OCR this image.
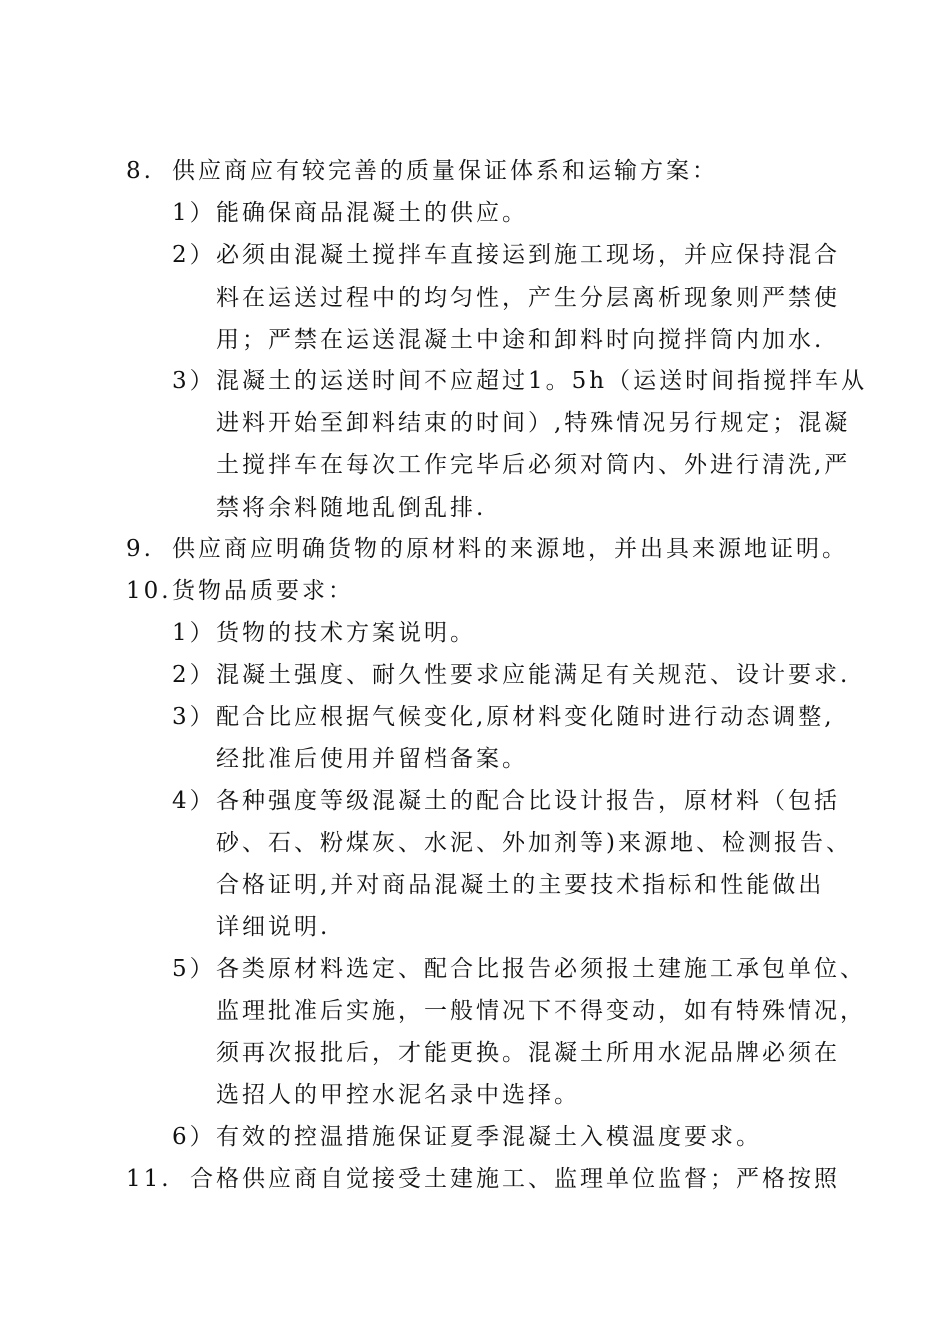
8. 供应商应有较完善的质量保证体系和运输方案：
1）能确保商品混凝土的供应。
2）必须由混凝土搅拌车直接运到施工现场，并应保持混合
料在运送过程中的均匀性，产生分层离析现象则严禁使
用；严禁在运送混凝土中途和卸料时向搅拌筒内加水.
3）混凝土的运送时间不应超过1。5h（运送时间指搅拌车从
进料开始至卸料结束的时间）,特殊情况另行规定；混凝
土搅拌车在每次工作完毕后必须对筒内、外进行清洗,严
禁将余料随地乱倒乱排.
9. 供应商应明确货物的原材料的来源地，并出具来源地证明。
10.货物品质要求：
1）货物的技术方案说明。
2）混凝土强度、耐久性要求应能满足有关规范、设计要求.
3）配合比应根据气候变化,原材料变化随时进行动态调整,
经批准后使用并留档备案。
4）各种强度等级混凝土的配合比设计报告，原材料（包括
砂、石、粉煤灰、水泥、外加剂等)来源地、检测报告、
合格证明,并对商品混凝土的主要技术指标和性能做出
详细说明.
5）各类原材料选定、配合比报告必须报土建施工承包单位、
监理批准后实施，一般情况下不得变动，如有特殊情况，
须再次报批后，才能更换。混凝土所用水泥品牌必须在
选招人的甲控水泥名录中选择。
6）有效的控温措施保证夏季混凝土入模温度要求。
11. 合格供应商自觉接受土建施工、监理单位监督；严格按照
